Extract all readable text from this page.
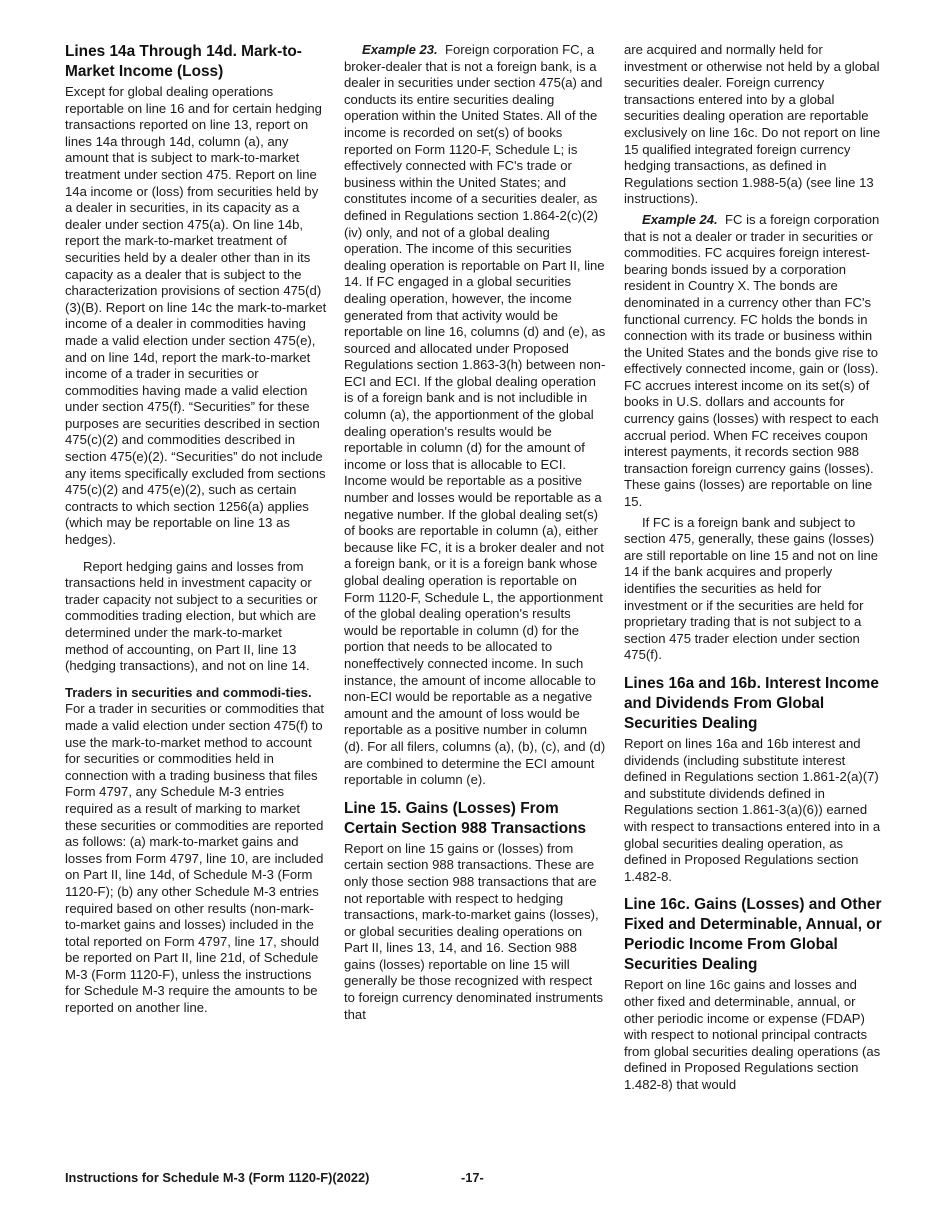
Lines 14a Through 14d. Mark-to-Market Income (Loss)

Except for global dealing operations reportable on line 16 and for certain hedging transactions reported on line 13, report on lines 14a through 14d, column (a), any amount that is subject to mark-to-market treatment under section 475. Report on line 14a income or (loss) from securities held by a dealer in securities, in its capacity as a dealer under section 475(a). On line 14b, report the mark-to-market treatment of securities held by a dealer other than in its capacity as a dealer that is subject to the characterization provisions of section 475(d)(3)(B). Report on line 14c the mark-to-market income of a dealer in commodities having made a valid election under section 475(e), and on line 14d, report the mark-to-market income of a trader in securities or commodities having made a valid election under section 475(f). “Securities” for these purposes are securities described in section 475(c)(2) and commodities described in section 475(e)(2). “Securities” do not include any items specifically excluded from sections 475(c)(2) and 475(e)(2), such as certain contracts to which section 1256(a) applies (which may be reportable on line 13 as hedges).

Report hedging gains and losses from transactions held in investment capacity or trader capacity not subject to a securities or commodities trading election, but which are determined under the mark-to-market method of accounting, on Part II, line 13 (hedging transactions), and not on line 14.

Traders in securities and commodi-ties. For a trader in securities or commodities that made a valid election under section 475(f) to use the mark-to-market method to account for securities or commodities held in connection with a trading business that files Form 4797, any Schedule M-3 entries required as a result of marking to market these securities or commodities are reported as follows: (a) mark-to-market gains and losses from Form 4797, line 10, are included on Part II, line 14d, of Schedule M-3 (Form 1120-F); (b) any other Schedule M-3 entries required based on other results (non-mark-to-market gains and losses) included in the total reported on Form 4797, line 17, should be reported on Part II, line 21d, of Schedule M-3 (Form 1120-F), unless the instructions for Schedule M-3 require the amounts to be reported on another line.

Example 23. Foreign corporation FC, a broker-dealer that is not a foreign bank, is a dealer in securities under section 475(a) and conducts its entire securities dealing operation within the United States. All of the income is recorded on set(s) of books reported on Form 1120-F, Schedule L; is effectively connected with FC's trade or business within the United States; and constitutes income of a securities dealer, as defined in Regulations section 1.864-2(c)(2)(iv) only, and not of a global dealing operation. The income of this securities dealing operation is reportable on Part II, line 14. If FC engaged in a global securities dealing operation, however, the income generated from that activity would be reportable on line 16, columns (d) and (e), as sourced and allocated under Proposed Regulations section 1.863-3(h) between non-ECI and ECI. If the global dealing operation is of a foreign bank and is not includible in column (a), the apportionment of the global dealing operation's results would be reportable in column (d) for the amount of income or loss that is allocable to ECI. Income would be reportable as a positive number and losses would be reportable as a negative number. If the global dealing set(s) of books are reportable in column (a), either because like FC, it is a broker dealer and not a foreign bank, or it is a foreign bank whose global dealing operation is reportable on Form 1120-F, Schedule L, the apportionment of the global dealing operation's results would be reportable in column (d) for the portion that needs to be allocated to noneffectively connected income. In such instance, the amount of income allocable to non-ECI would be reportable as a negative amount and the amount of loss would be reportable as a positive number in column (d). For all filers, columns (a), (b), (c), and (d) are combined to determine the ECI amount reportable in column (e).

Line 15. Gains (Losses) From Certain Section 988 Transactions

Report on line 15 gains or (losses) from certain section 988 transactions. These are only those section 988 transactions that are not reportable with respect to hedging transactions, mark-to-market gains (losses), or global securities dealing operations on Part II, lines 13, 14, and 16. Section 988 gains (losses) reportable on line 15 will generally be those recognized with respect to foreign currency denominated instruments that

are acquired and normally held for investment or otherwise not held by a global securities dealer. Foreign currency transactions entered into by a global securities dealing operation are reportable exclusively on line 16c. Do not report on line 15 qualified integrated foreign currency hedging transactions, as defined in Regulations section 1.988-5(a) (see line 13 instructions).

Example 24. FC is a foreign corporation that is not a dealer or trader in securities or commodities. FC acquires foreign interest-bearing bonds issued by a corporation resident in Country X. The bonds are denominated in a currency other than FC's functional currency. FC holds the bonds in connection with its trade or business within the United States and the bonds give rise to effectively connected income, gain or (loss). FC accrues interest income on its set(s) of books in U.S. dollars and accounts for currency gains (losses) with respect to each accrual period. When FC receives coupon interest payments, it records section 988 transaction foreign currency gains (losses). These gains (losses) are reportable on line 15.

If FC is a foreign bank and subject to section 475, generally, these gains (losses) are still reportable on line 15 and not on line 14 if the bank acquires and properly identifies the securities as held for investment or if the securities are held for proprietary trading that is not subject to a section 475 trader election under section 475(f).

Lines 16a and 16b. Interest Income and Dividends From Global Securities Dealing

Report on lines 16a and 16b interest and dividends (including substitute interest defined in Regulations section 1.861-2(a)(7) and substitute dividends defined in Regulations section 1.861-3(a)(6)) earned with respect to transactions entered into in a global securities dealing operation, as defined in Proposed Regulations section 1.482-8.

Line 16c. Gains (Losses) and Other Fixed and Determinable, Annual, or Periodic Income From Global Securities Dealing

Report on line 16c gains and losses and other fixed and determinable, annual, or other periodic income or expense (FDAP) with respect to notional principal contracts from global securities dealing operations (as defined in Proposed Regulations section 1.482-8) that would

Instructions for Schedule M-3 (Form 1120-F)(2022)	-17-
